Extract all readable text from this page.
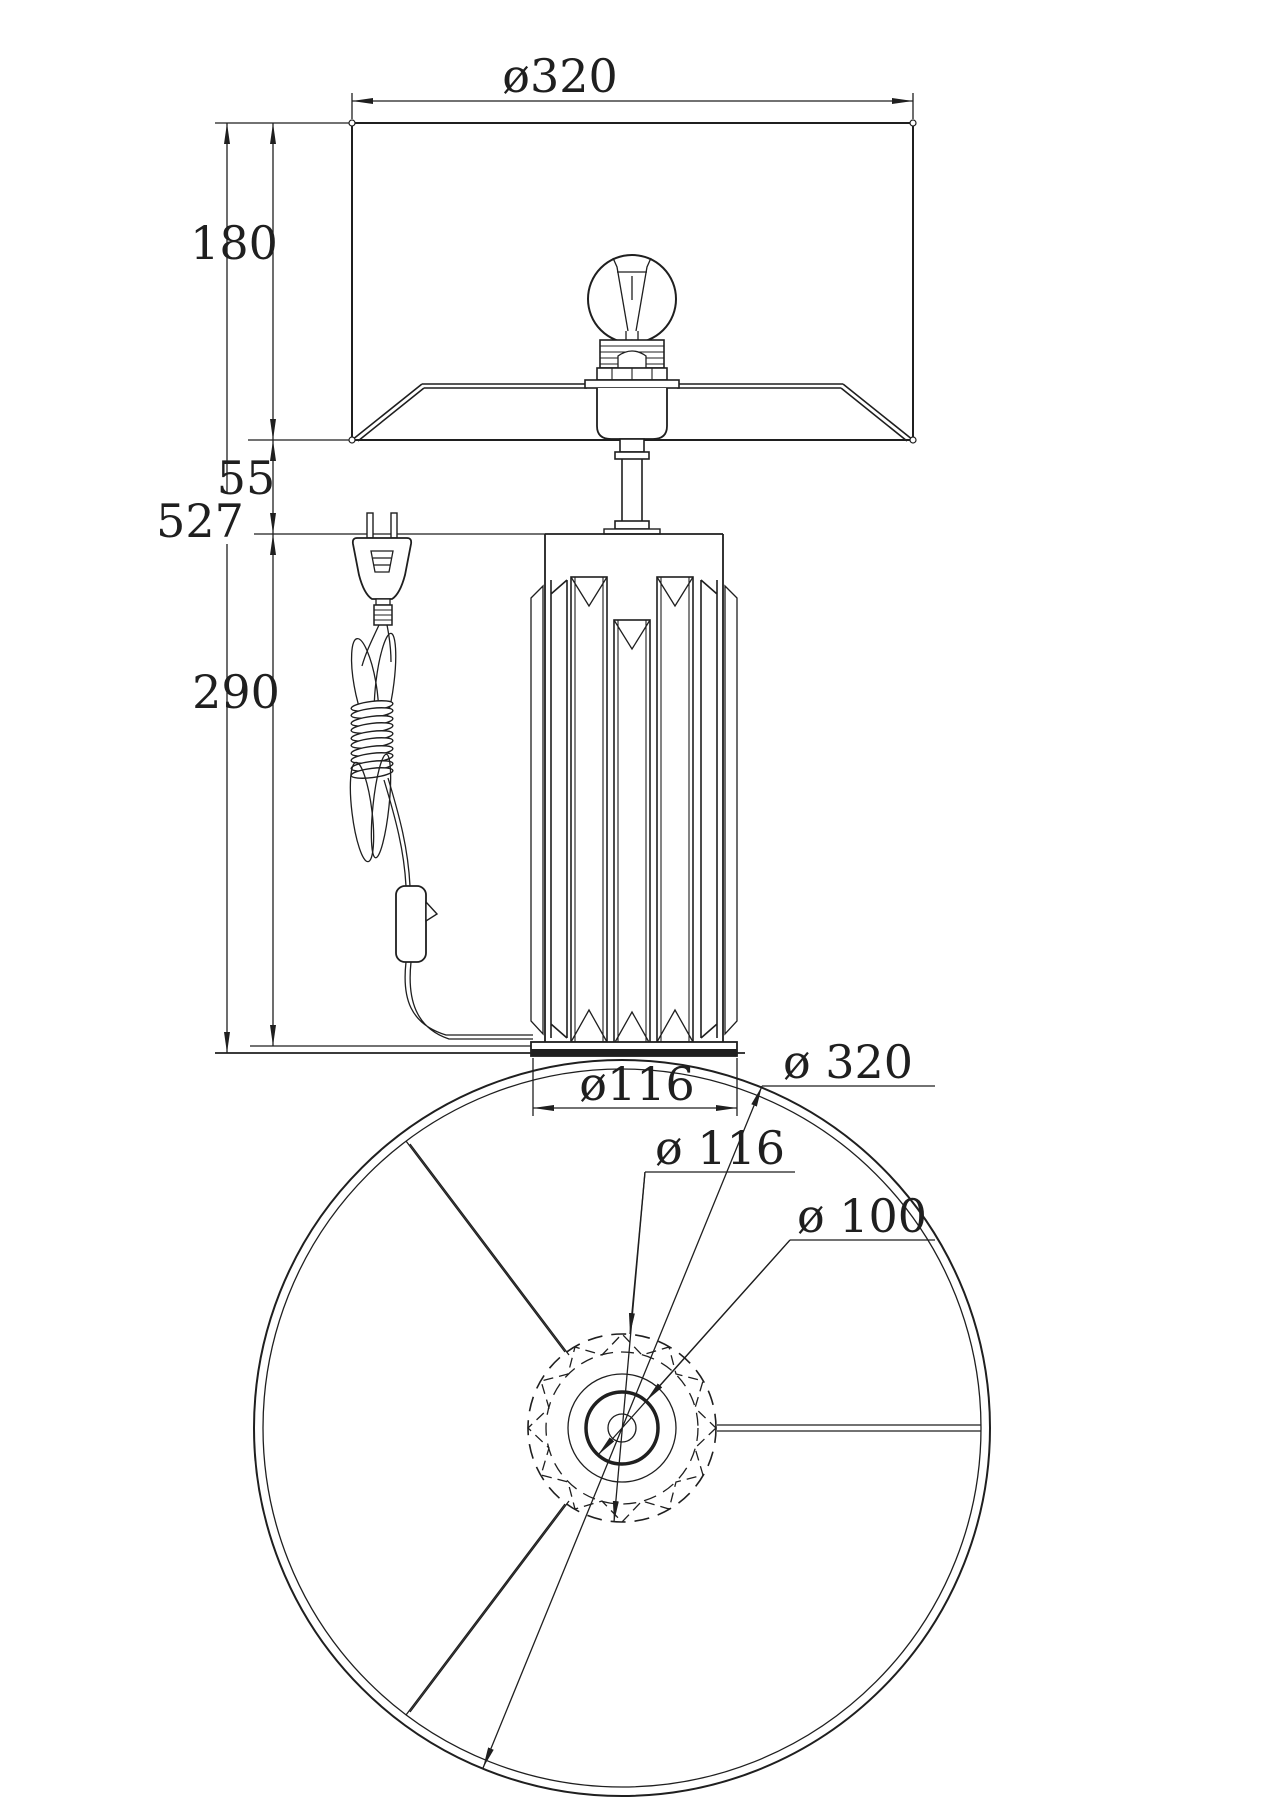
ø320
180
55
527
290
ø116 ø 320
ø 116
ø 100
